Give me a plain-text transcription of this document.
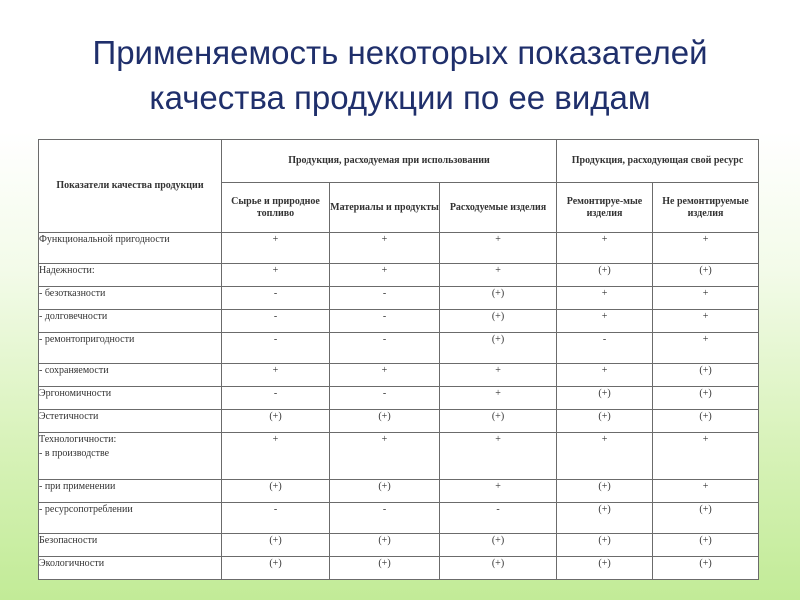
Применяемость некоторых показателей
качества продукции по ее видам
Показатели качества продукции	Продукция, расходуемая при использовании			Продукция, расходующая свой ресурс	
	Сырье и природное топливо	Материалы и продукты	Расходуемые изделия	Ремонтируе-мые изделия	Не ремонтируемые изделия

Функциональной пригодности	+	+	+	+	+

Надежности:	+	+	+	(+)	(+)

- безотказности	-	-	(+)	+	+

- долговечности	-	-	(+)	+	+

- ремонтопригодности	-	-	(+)	-	+

- сохраняемости	+	+	+	+	(+)

Эргономичности	-	-	+	(+)	(+)

Эстетичности	(+)	(+)	(+)	(+)	(+)

Технологичности:
- в производстве	+	+	+	+	+

- при применении	(+)	(+)	+	(+)	+

- ресурсопотреблении	-	-	-	(+)	(+)

Безопасности	(+)	(+)	(+)	(+)	(+)

Экологичности	(+)	(+)	(+)	(+)	(+)
